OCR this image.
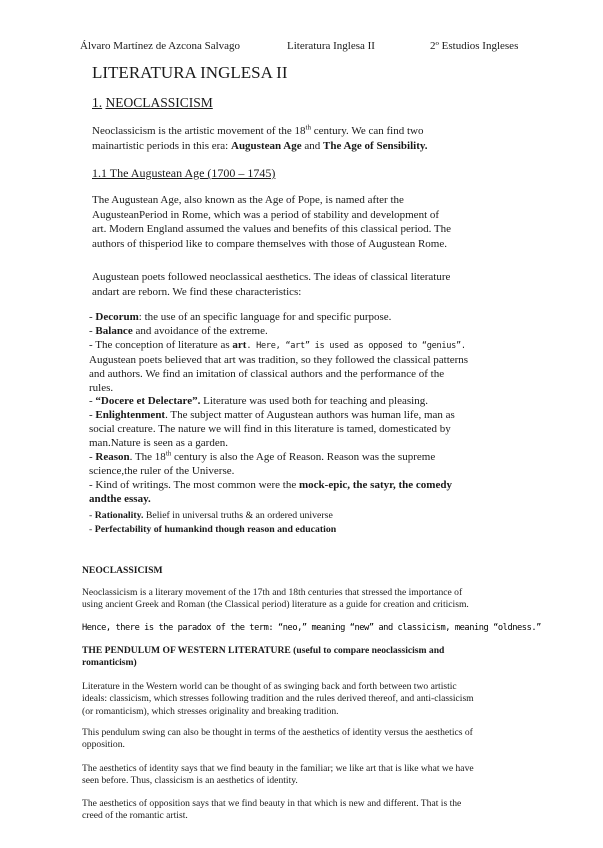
Álvaro Martínez de Azcona Salvago	Literatura Inglesa II	2º Estudios Ingleses
LITERATURA INGLESA II
1. NEOCLASSICISM
Neoclassicism is the artistic movement of the 18th century. We can find two
mainartistic periods in this era: Augustean Age and The Age of Sensibility.
1.1 The Augustean Age (1700 – 1745)
The Augustean Age, also known as the Age of Pope, is named after the
AugusteanPeriod in Rome, which was a period of stability and development of
art. Modern England assumed the values and benefits of this classical period. The
authors of thisperiod like to compare themselves with those of Augustean Rome.
Augustean poets followed neoclassical aesthetics. The ideas of classical literature
andart are reborn. We find these characteristics:
- Decorum: the use of an specific language for and specific purpose.
- Balance and avoidance of the extreme.
- The conception of literature as art. Here, “art” is used as opposed to “genius”.
Augustean poets believed that art was tradition, so they followed the classical patterns
and authors. We find an imitation of classical authors and the performance of the
rules.
- “Docere et Delectare”. Literature was used both for teaching and pleasing.
- Enlightenment. The subject matter of Augustean authors was human life, man as
social creature. The nature we will find in this literature is tamed, domesticated by
man.Nature is seen as a garden.
- Reason. The 18th century is also the Age of Reason. Reason was the supreme
science,the ruler of the Universe.
- Kind of writings. The most common were the mock-epic, the satyr, the comedy
andthe essay.
- Rationality. Belief in universal truths & an ordered universe
- Perfectability of humankind though reason and education
NEOCLASSICISM
Neoclassicism is a literary movement of the 17th and 18th centuries that stressed the importance of
using ancient Greek and Roman (the Classical period) literature as a guide for creation and criticism.
Hence, there is the paradox of the term: “neo,” meaning “new” and classicism, meaning “oldness.”
THE PENDULUM OF WESTERN LITERATURE (useful to compare neoclassicism and
romanticism)
Literature in the Western world can be thought of as swinging back and forth between two artistic
ideals: classicism, which stresses following tradition and the rules derived thereof, and anti-classicism
(or romanticism), which stresses originality and breaking tradition.
This pendulum swing can also be thought in terms of the aesthetics of identity versus the aesthetics of
opposition.
The aesthetics of identity says that we find beauty in the familiar; we like art that is like what we have
seen before. Thus, classicism is an aesthetics of identity.
The aesthetics of opposition says that we find beauty in that which is new and different. That is the
creed of the romantic artist.
